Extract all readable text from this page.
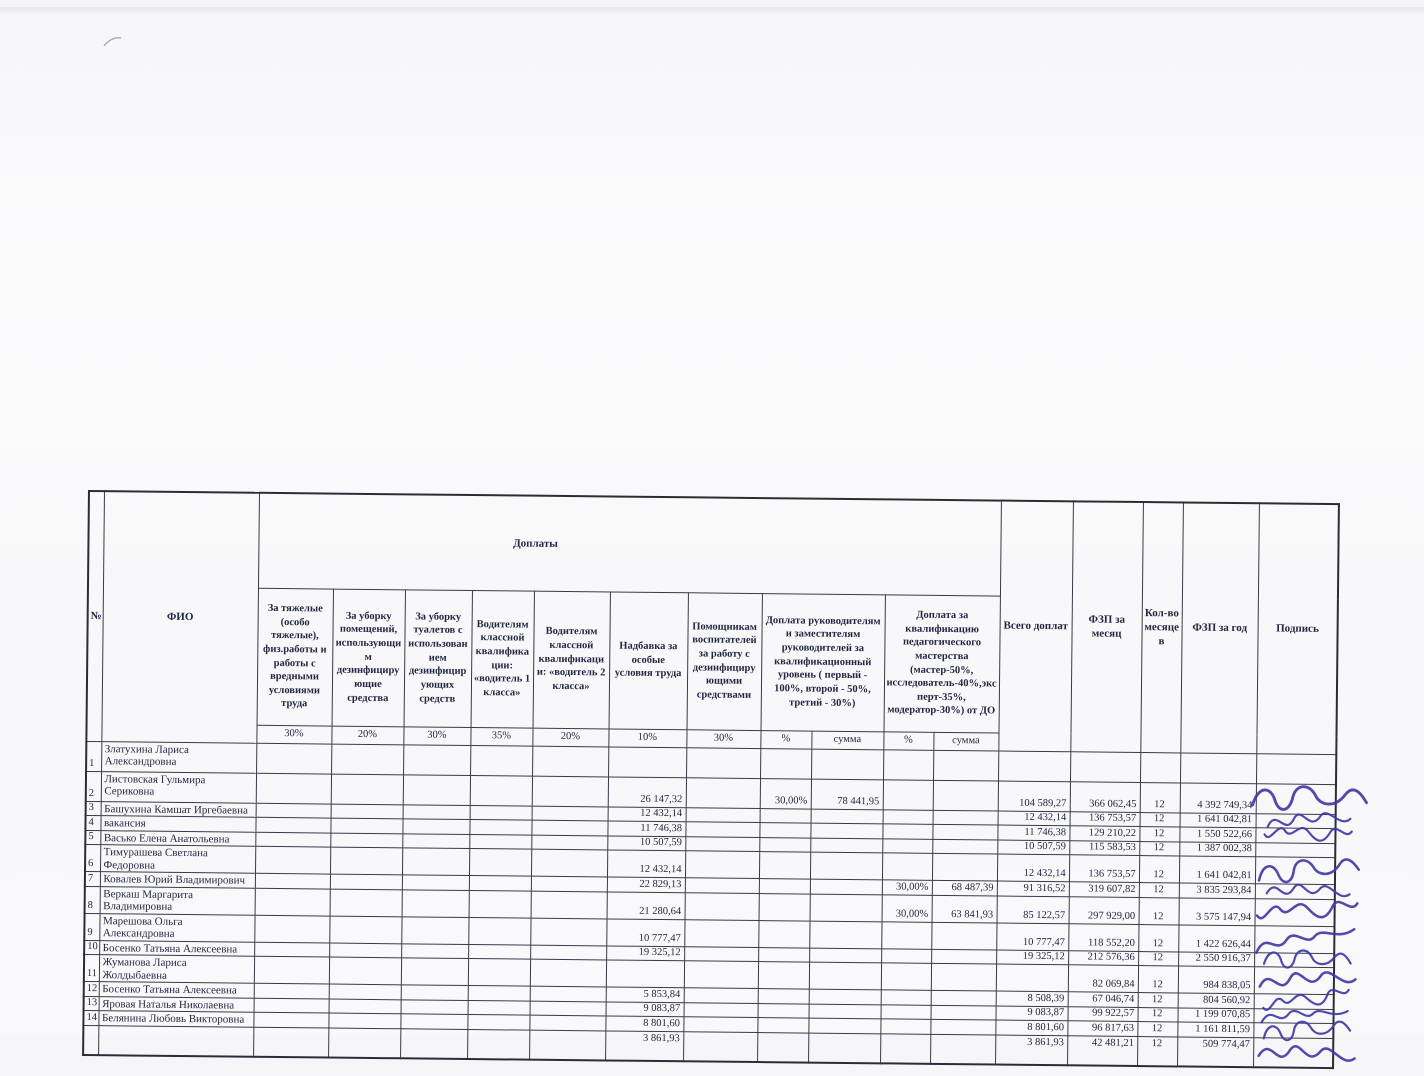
№	ФИО	Доплаты											Всего доплат	ФЗП за месяц	Кол-во месяцев	ФЗП за год	Подпись
		За тяжелые (особо тяжелые), физ.работы и работы с вредными условиями труда	За уборку помещений, использующим дезинфицирующие средства	За уборку туалетов с использованием дезинфицирующих средств	Водителям классной квалификации: «водитель 1 класса»	Водителям классной квалификации: «водитель 2 класса»	Надбавка за особые условия труда	Помощникам воспитателей за работу с дезинфицирующими средствами	Доплата руководителям и заместителям руководителей за квалификационный уровень ( первый - 100%, второй - 50%, третий - 30%)		Доплата за квалификацию педагогического мастерства (мастер-50%, исследователь-40%,эксперт-35%, модератор-30%) от ДО						
		30%	20%	30%	35%	20%	10%	30%	%	сумма	%	сумма					
1	Златухина Лариса Александровна																
2	Листовская Гульмира Сериковна						26 147,32		30,00%	78 441,95			104 589,27	366 062,45	12	4 392 749,34	

3	Башухина Камшат Иргебаевна						12 432,14						12 432,14	136 753,57	12	1 641 042,81	

4	вакансия						11 746,38						11 746,38	129 210,22	12	1 550 522,66	

5	Васько Елена Анатольевна						10 507,59						10 507,59	115 583,53	12	1 387 002,38	
6	Тимурашева Светлана Федоровна						12 432,14						12 432,14	136 753,57	12	1 641 042,81	

7	Ковалев Юрий Владимирович						22 829,13				30,00%	68 487,39	91 316,52	319 607,82	12	3 835 293,84	

8	Веркаш Маргарита Владимировна						21 280,64				30,00%	63 841,93	85 122,57	297 929,00	12	3 575 147,94	

9	Марешова Ольга Александровна						10 777,47						10 777,47	118 552,20	12	1 422 626,44	

10	Босенко Татьяна Алексеевна						19 325,12						19 325,12	212 576,36	12	2 550 916,37	

11	Жуманова Лариса Жолдыбаевна													82 069,84	12	984 838,05	

12	Босенко Татьяна Алексеевна						5 853,84						8 508,39	67 046,74	12	804 560,92	

13	Яровая Наталья Николаевна						9 083,87						9 083,87	99 922,57	12	1 199 070,85	

14	Белянина Любовь Викторовна						8 801,60						8 801,60	96 817,63	12	1 161 811,59	

							3 861,93						3 861,93	42 481,21	12	509 774,47	
